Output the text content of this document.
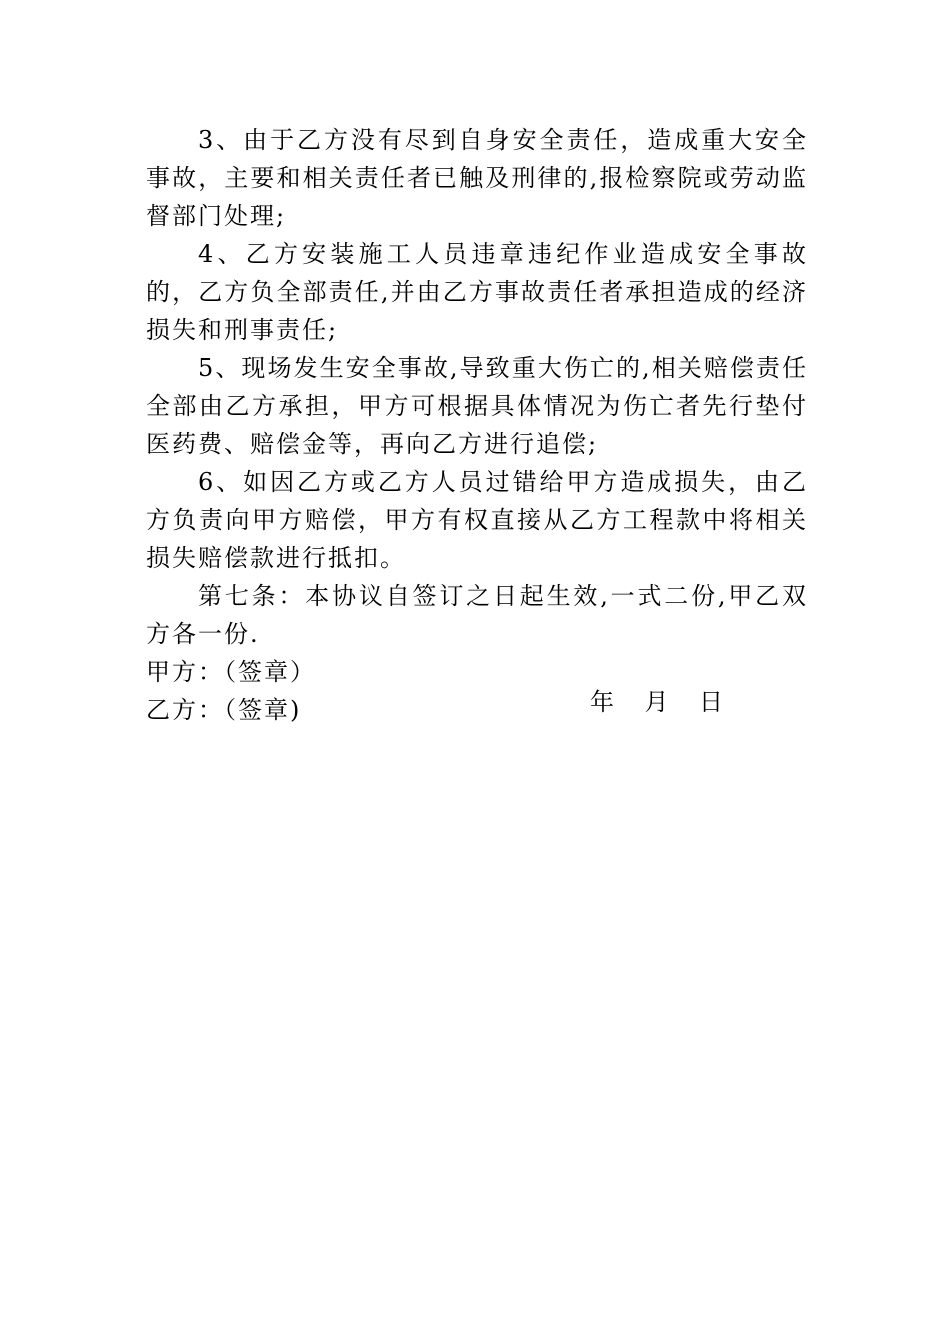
3、由于乙方没有尽到自身安全责任，造成重大安全事故，主要和相关责任者已触及刑律的,报检察院或劳动监督部门处理;

4、乙方安装施工人员违章违纪作业造成安全事故的，乙方负全部责任,并由乙方事故责任者承担造成的经济损失和刑事责任;

5、现场发生安全事故,导致重大伤亡的,相关赔偿责任全部由乙方承担，甲方可根据具体情况为伤亡者先行垫付医药费、赔偿金等，再向乙方进行追偿;

6、如因乙方或乙方人员过错给甲方造成损失，由乙方负责向甲方赔偿，甲方有权直接从乙方工程款中将相关损失赔偿款进行抵扣。

第七条：本协议自签订之日起生效,一式二份,甲乙双方各一份.

甲方：（签章）

乙方：（签章)	年    月    日
